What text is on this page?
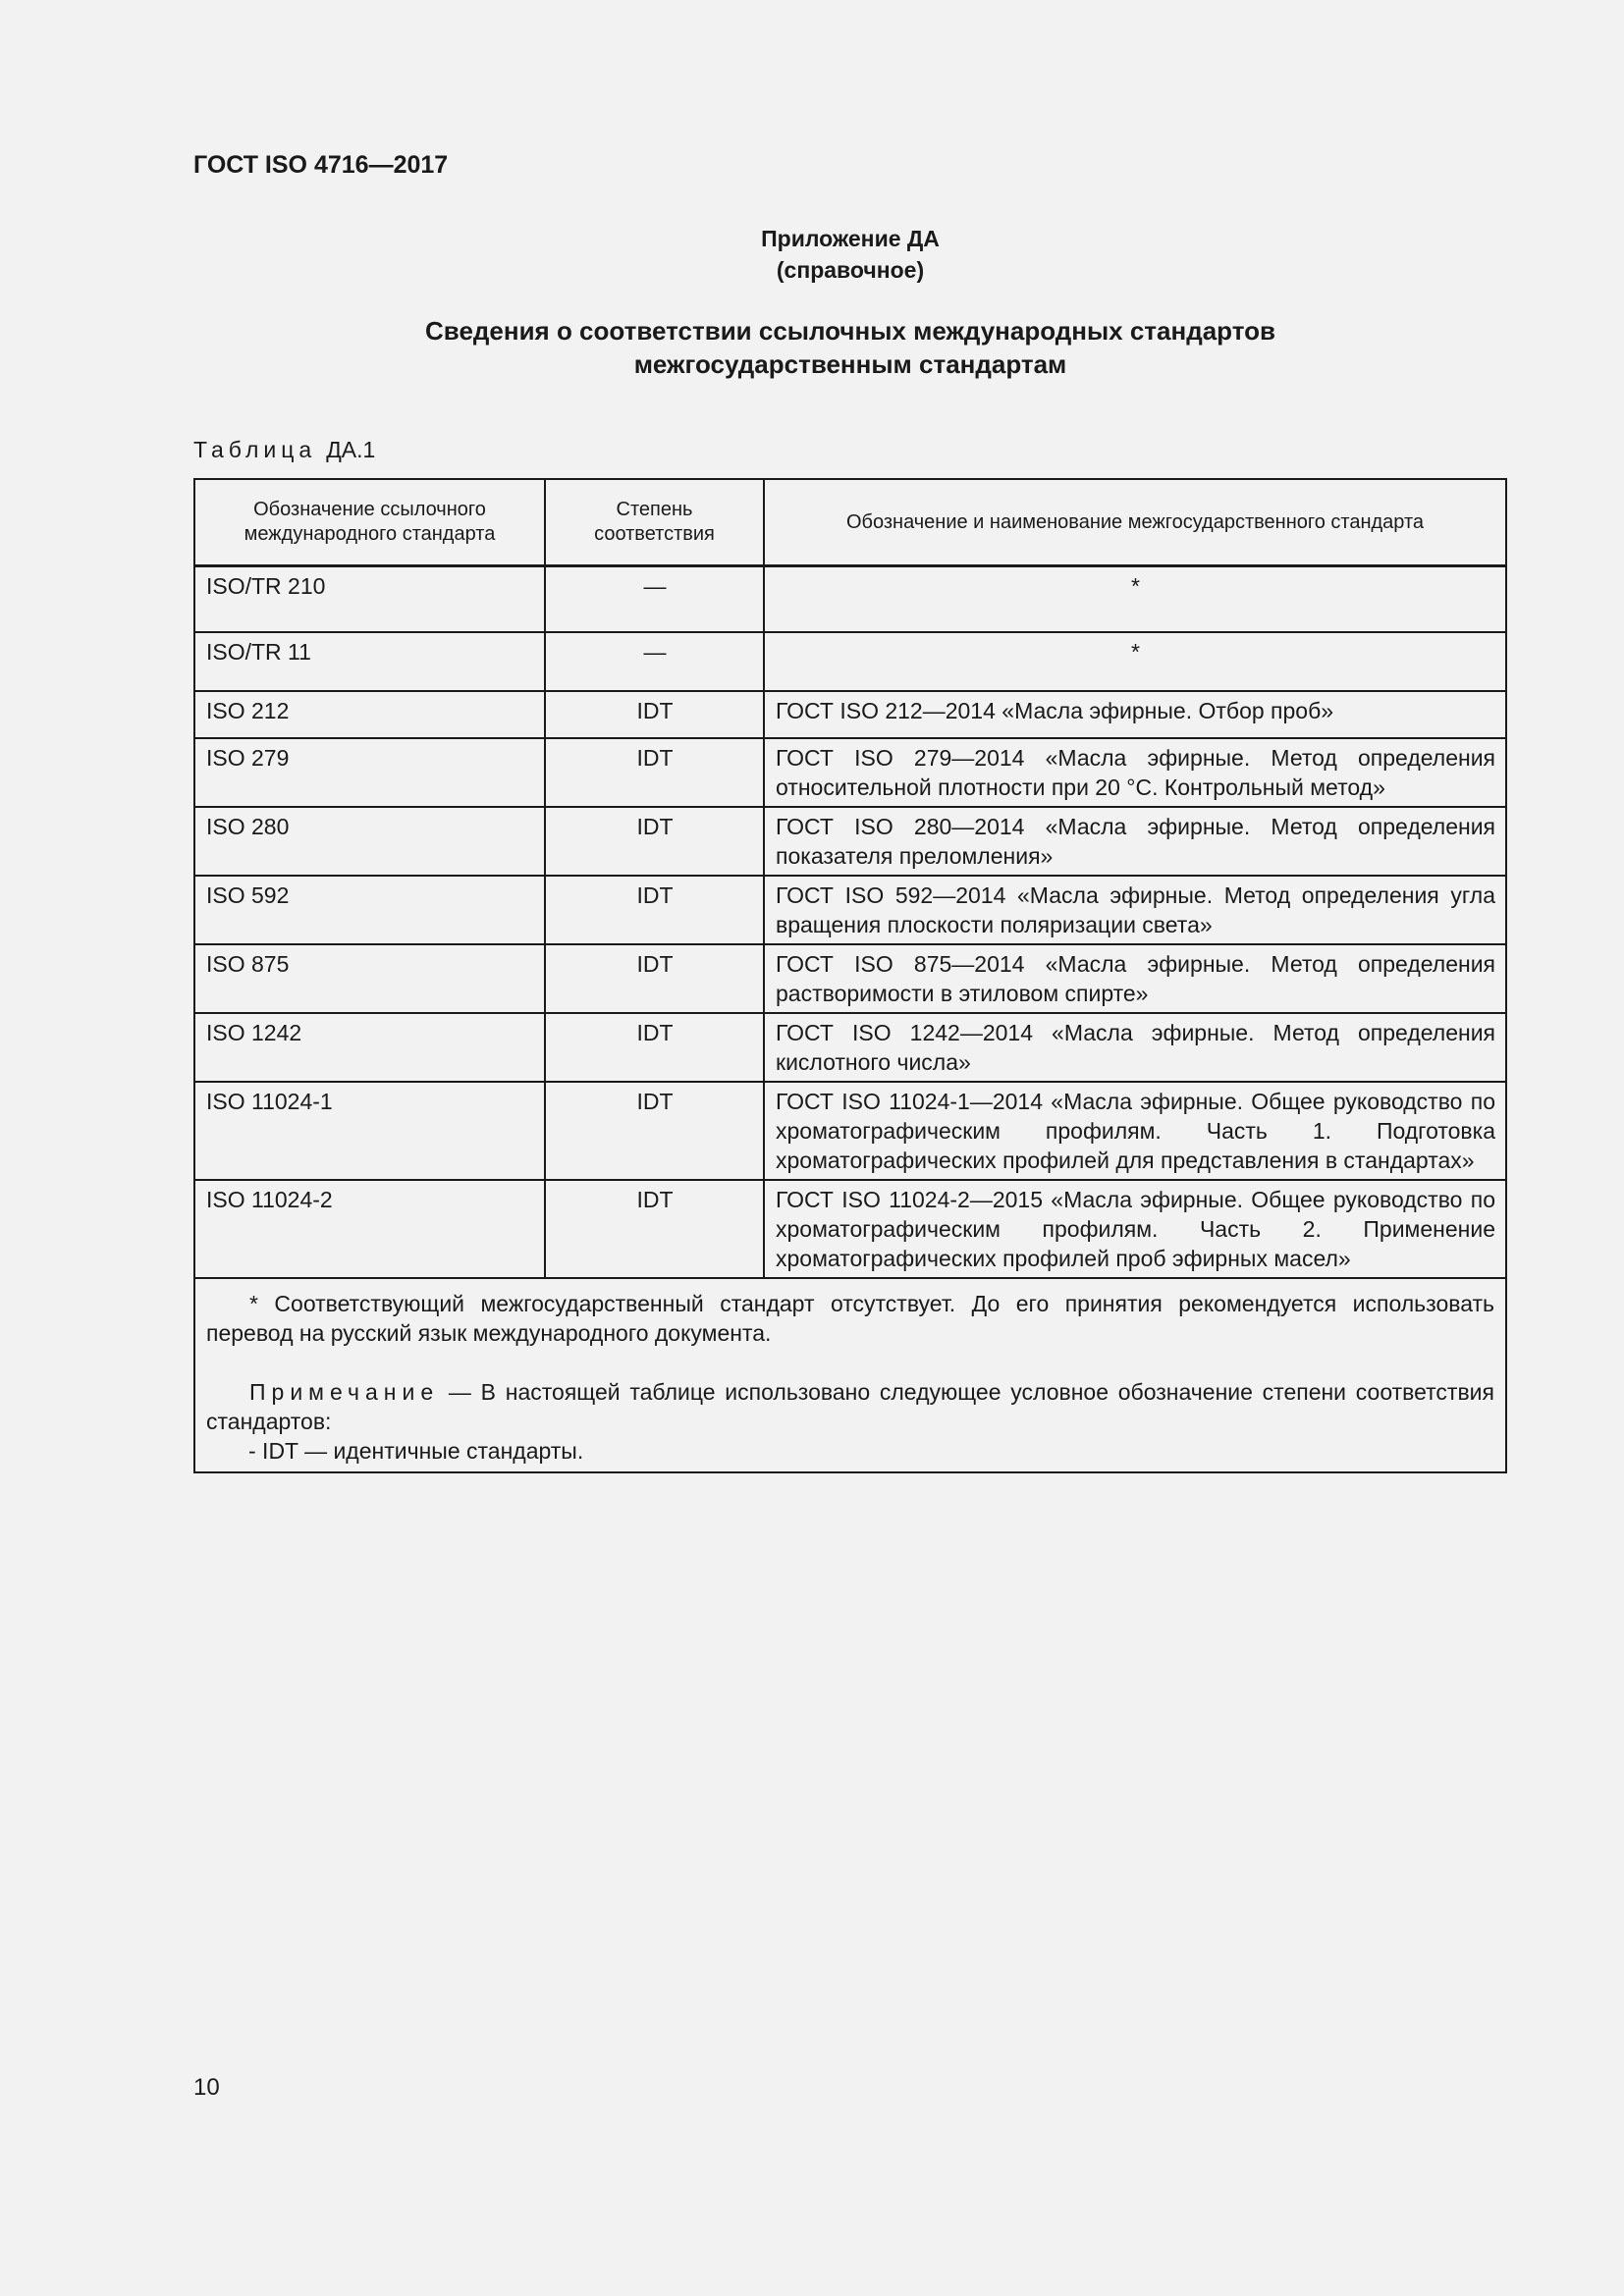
ГОСТ ISO 4716—2017
Приложение ДА
(справочное)
Сведения о соответствии ссылочных международных стандартов
межгосударственным стандартам
Таблица ДА.1
Обозначение ссылочного международного стандарта	Степень соответствия	Обозначение и наименование межгосударственного стандарта
ISO/TR 210	—	*
ISO/TR 11	—	*
ISO 212	IDT	ГОСТ ISO 212—2014 «Масла эфирные. Отбор проб»
ISO 279	IDT	ГОСТ ISO 279—2014 «Масла эфирные. Метод определения относительной плотности при 20 °С. Контрольный метод»
ISO 280	IDT	ГОСТ ISO 280—2014 «Масла эфирные. Метод определения показателя преломления»
ISO 592	IDT	ГОСТ ISO 592—2014 «Масла эфирные. Метод определения угла вращения плоскости поляризации света»
ISO 875	IDT	ГОСТ ISO 875—2014 «Масла эфирные. Метод определения растворимости в этиловом спирте»
ISO 1242	IDT	ГОСТ ISO 1242—2014 «Масла эфирные. Метод определения кислотного числа»
ISO 11024-1	IDT	ГОСТ ISO 11024-1—2014 «Масла эфирные. Общее руководство по хроматографическим профилям. Часть 1. Подготовка хроматографических профилей для представления в стандартах»
ISO 11024-2	IDT	ГОСТ ISO 11024-2—2015 «Масла эфирные. Общее руководство по хроматографическим профилям. Часть 2. Применение хроматографических профилей проб эфирных масел»

* Соответствующий межгосударственный стандарт отсутствует. До его принятия рекомендуется использовать перевод на русский язык международного документа.

Примечание — В настоящей таблице использовано следующее условное обозначение степени соответствия стандартов:

- IDT — идентичные стандарты.		

10
